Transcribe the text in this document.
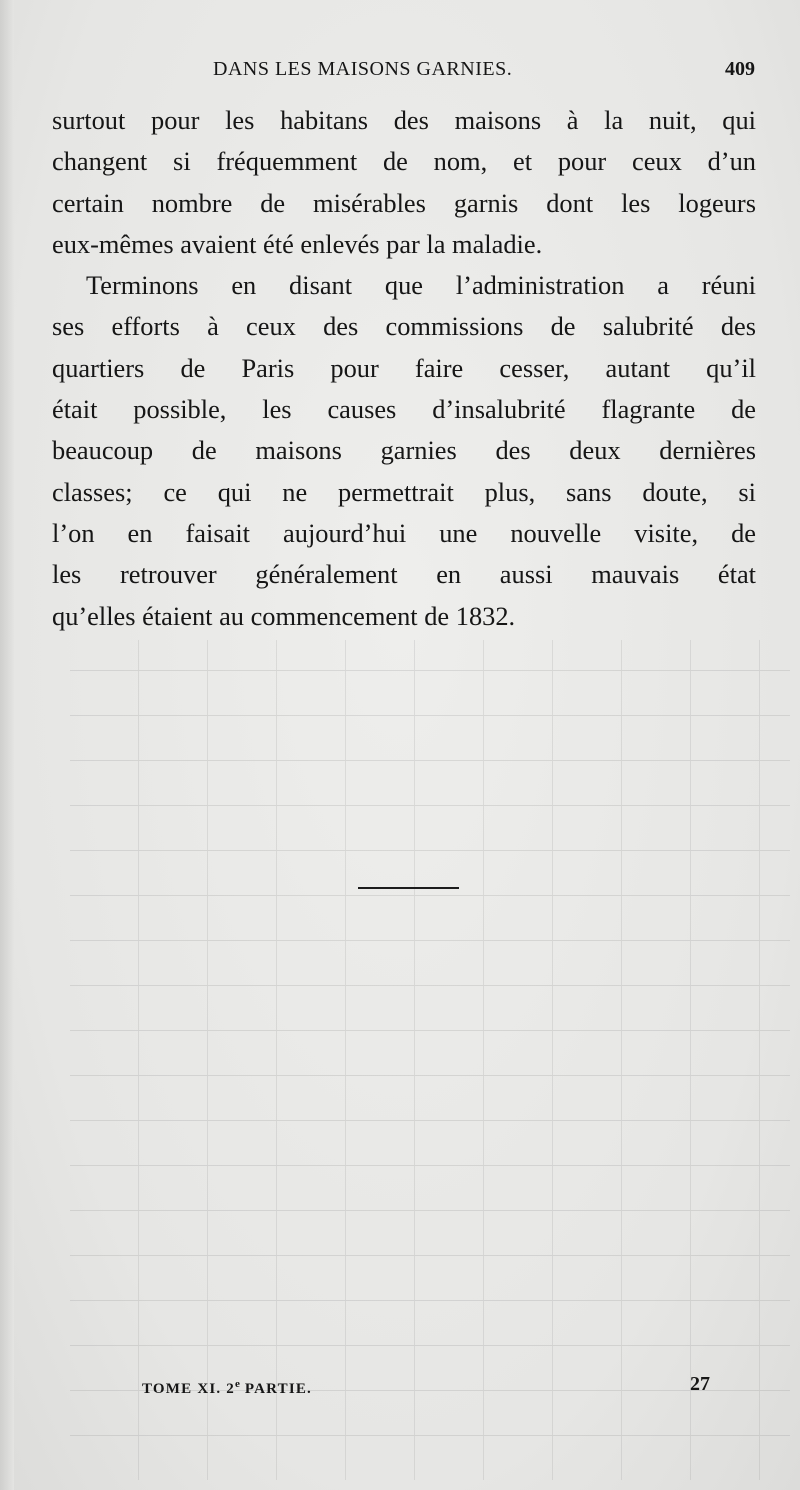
DANS LES MAISONS GARNIES.	409

surtout pour les habitans des maisons à la nuit, qui
changent si fréquemment de nom, et pour ceux d’un
certain nombre de misérables garnis dont les logeurs
eux-mêmes avaient été enlevés par la maladie.

Terminons en disant que l’administration a réuni
ses efforts à ceux des commissions de salubrité des
quartiers de Paris pour faire cesser, autant qu’il
était possible, les causes d’insalubrité flagrante de
beaucoup de maisons garnies des deux dernières
classes; ce qui ne permettrait plus, sans doute, si
l’on en faisait aujourd’hui une nouvelle visite, de
les retrouver généralement en aussi mauvais état
qu’elles étaient au commencement de 1832.

TOME XI. 2e PARTIE.	27
